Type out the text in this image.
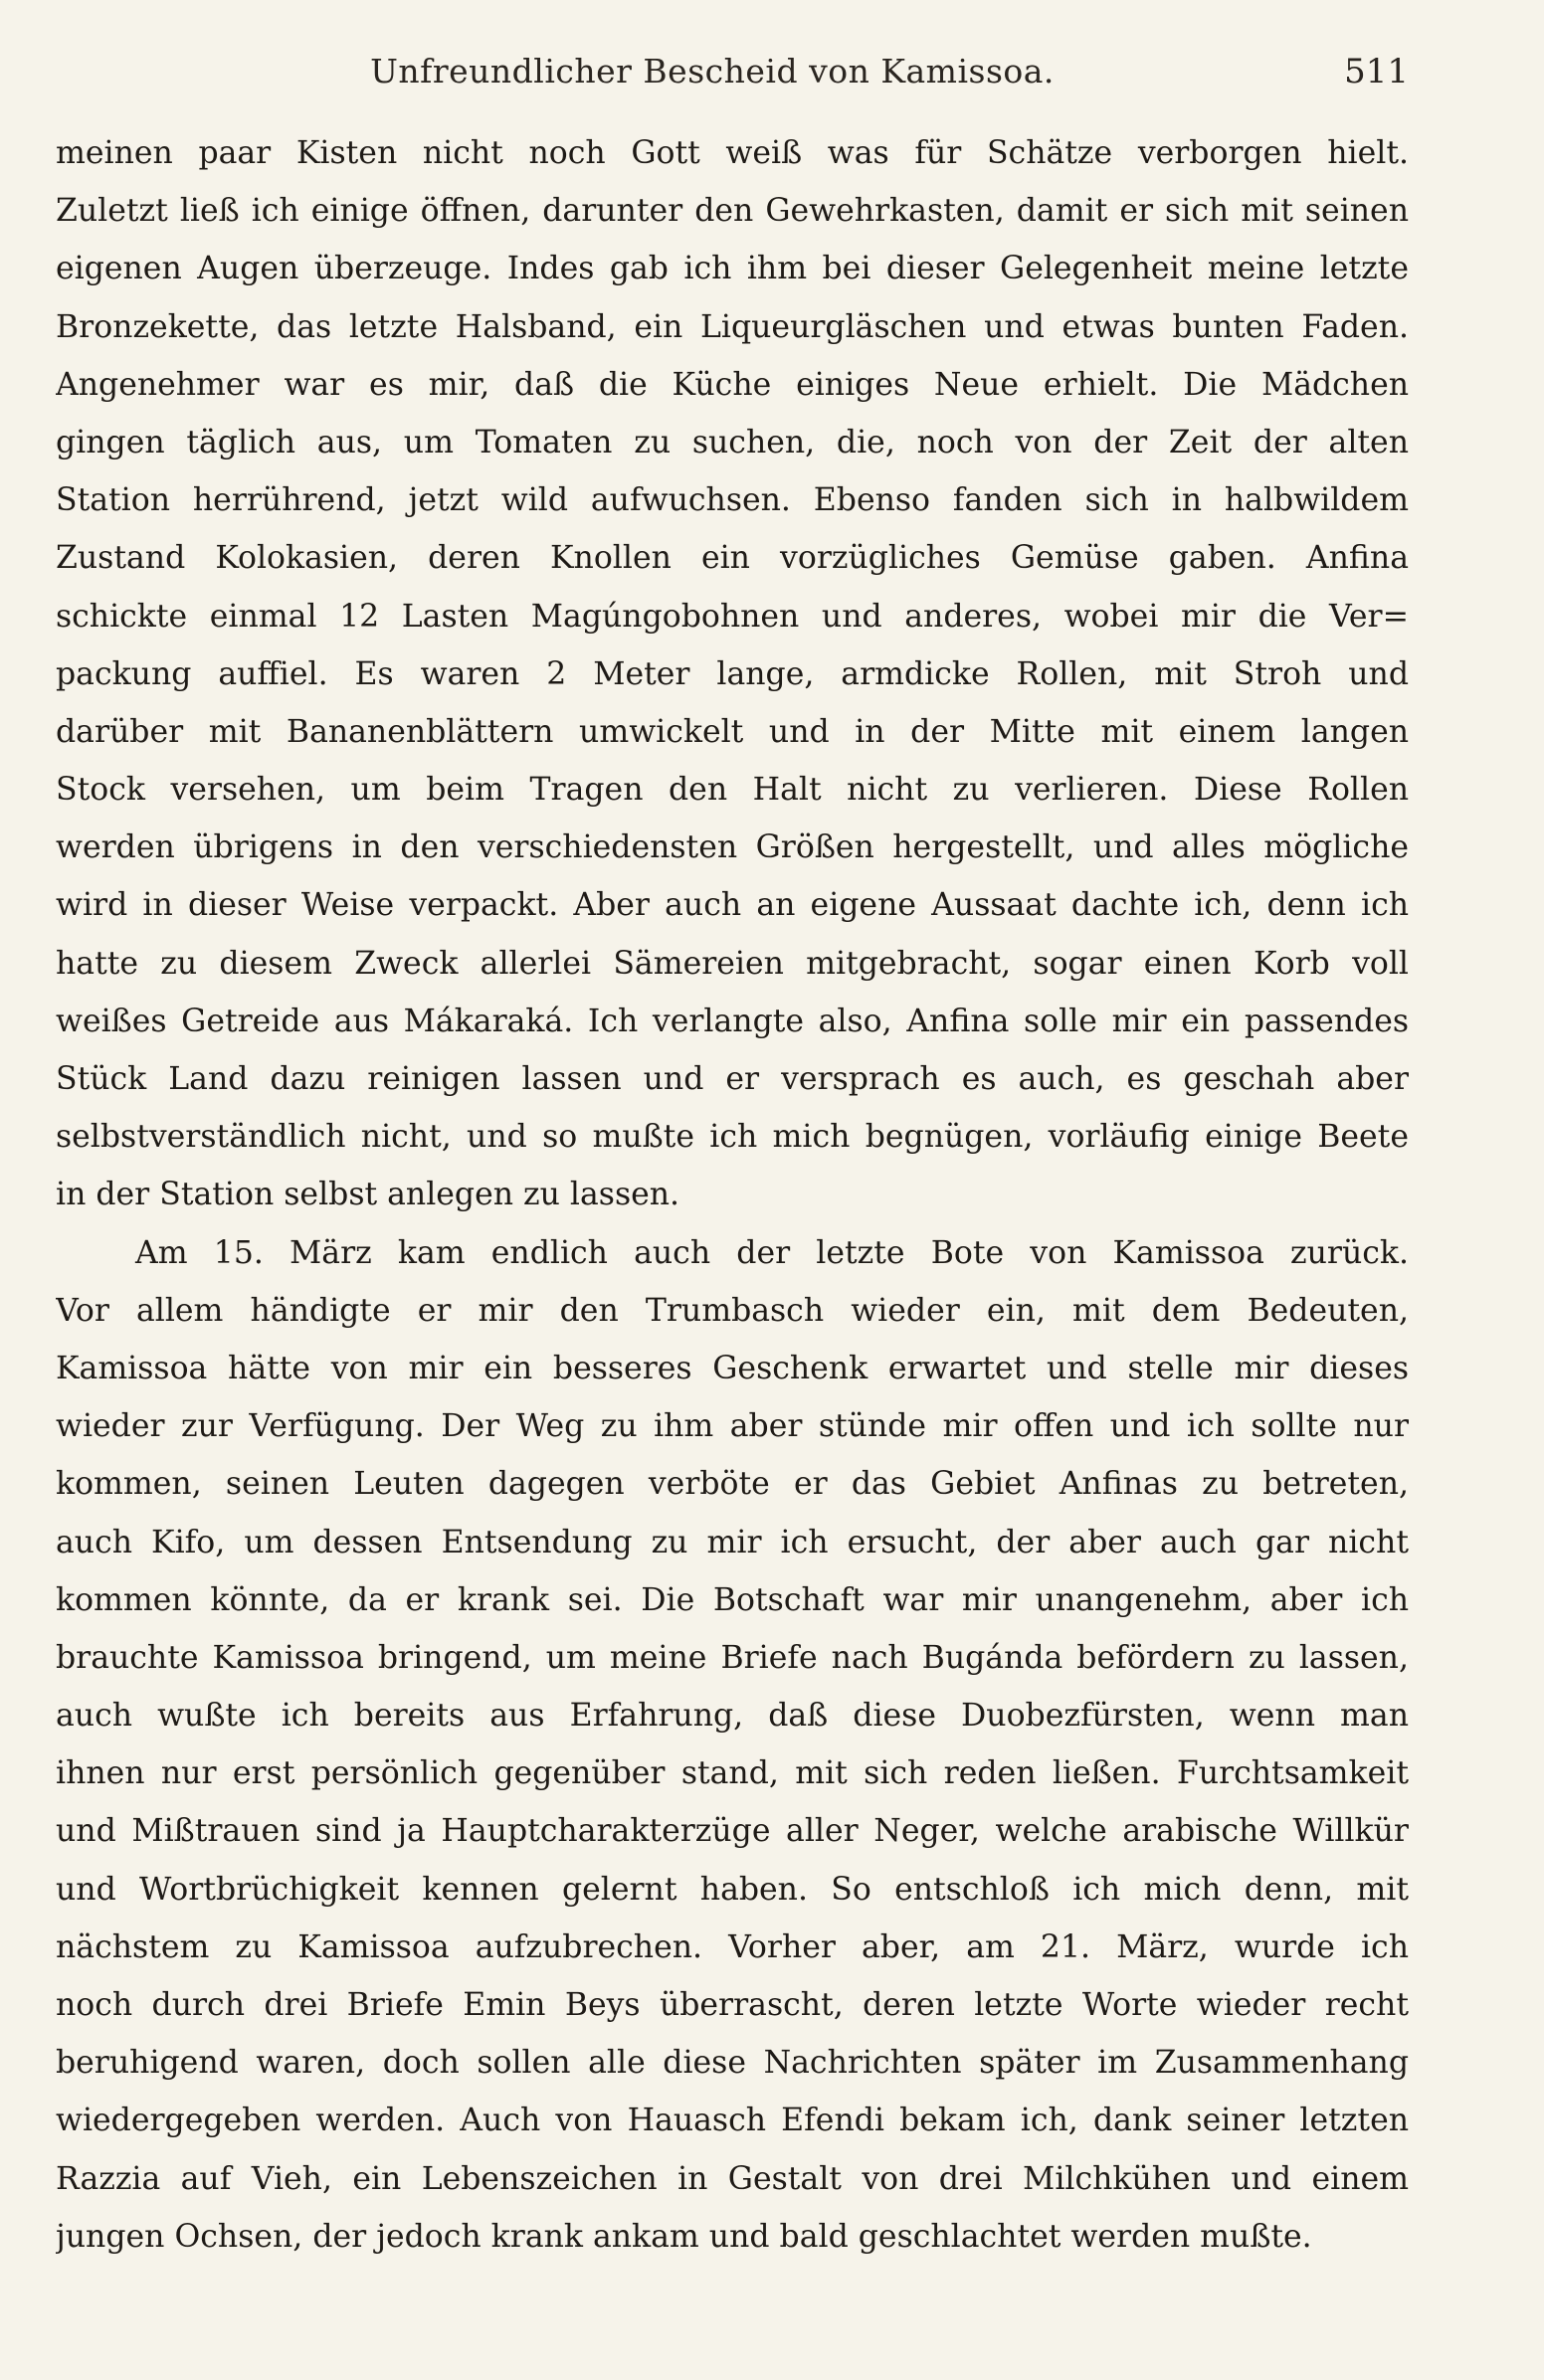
Unfreundlicher Bescheid von Kamissoa.	511
meinen paar Kisten nicht noch Gott weiß was für Schätze verborgen hielt.
Zuletzt ließ ich einige öffnen, darunter den Gewehrkasten, damit er sich mit seinen
eigenen Augen überzeuge. Indes gab ich ihm bei dieser Gelegenheit meine letzte
Bronzekette, das letzte Halsband, ein Liqueurgläschen und etwas bunten Faden.
Angenehmer war es mir, daß die Küche einiges Neue erhielt. Die Mädchen
gingen täglich aus, um Tomaten zu suchen, die, noch von der Zeit der alten
Station herrührend, jetzt wild aufwuchsen. Ebenso fanden sich in halbwildem
Zustand Kolokasien, deren Knollen ein vorzügliches Gemüse gaben. Anfina
schickte einmal 12 Lasten Magúngobohnen und anderes, wobei mir die Ver=
packung auffiel. Es waren 2 Meter lange, armdicke Rollen, mit Stroh und
darüber mit Bananenblättern umwickelt und in der Mitte mit einem langen
Stock versehen, um beim Tragen den Halt nicht zu verlieren. Diese Rollen
werden übrigens in den verschiedensten Größen hergestellt, und alles mögliche
wird in dieser Weise verpackt. Aber auch an eigene Aussaat dachte ich, denn ich
hatte zu diesem Zweck allerlei Sämereien mitgebracht, sogar einen Korb voll
weißes Getreide aus Mákaraká. Ich verlangte also, Anfina solle mir ein passendes
Stück Land dazu reinigen lassen und er versprach es auch, es geschah aber
selbstverständlich nicht, und so mußte ich mich begnügen, vorläufig einige Beete
in der Station selbst anlegen zu lassen.
Am 15. März kam endlich auch der letzte Bote von Kamissoa zurück.
Vor allem händigte er mir den Trumbasch wieder ein, mit dem Bedeuten,
Kamissoa hätte von mir ein besseres Geschenk erwartet und stelle mir dieses
wieder zur Verfügung. Der Weg zu ihm aber stünde mir offen und ich sollte nur
kommen, seinen Leuten dagegen verböte er das Gebiet Anfinas zu betreten,
auch Kifo, um dessen Entsendung zu mir ich ersucht, der aber auch gar nicht
kommen könnte, da er krank sei. Die Botschaft war mir unangenehm, aber ich
brauchte Kamissoa bringend, um meine Briefe nach Bugánda befördern zu lassen,
auch wußte ich bereits aus Erfahrung, daß diese Duobezfürsten, wenn man
ihnen nur erst persönlich gegenüber stand, mit sich reden ließen. Furchtsamkeit
und Mißtrauen sind ja Hauptcharakterzüge aller Neger, welche arabische Willkür
und Wortbrüchigkeit kennen gelernt haben. So entschloß ich mich denn, mit
nächstem zu Kamissoa aufzubrechen. Vorher aber, am 21. März, wurde ich
noch durch drei Briefe Emin Beys überrascht, deren letzte Worte wieder recht
beruhigend waren, doch sollen alle diese Nachrichten später im Zusammenhang
wiedergegeben werden. Auch von Hauasch Efendi bekam ich, dank seiner letzten
Razzia auf Vieh, ein Lebenszeichen in Gestalt von drei Milchkühen und einem
jungen Ochsen, der jedoch krank ankam und bald geschlachtet werden mußte.
